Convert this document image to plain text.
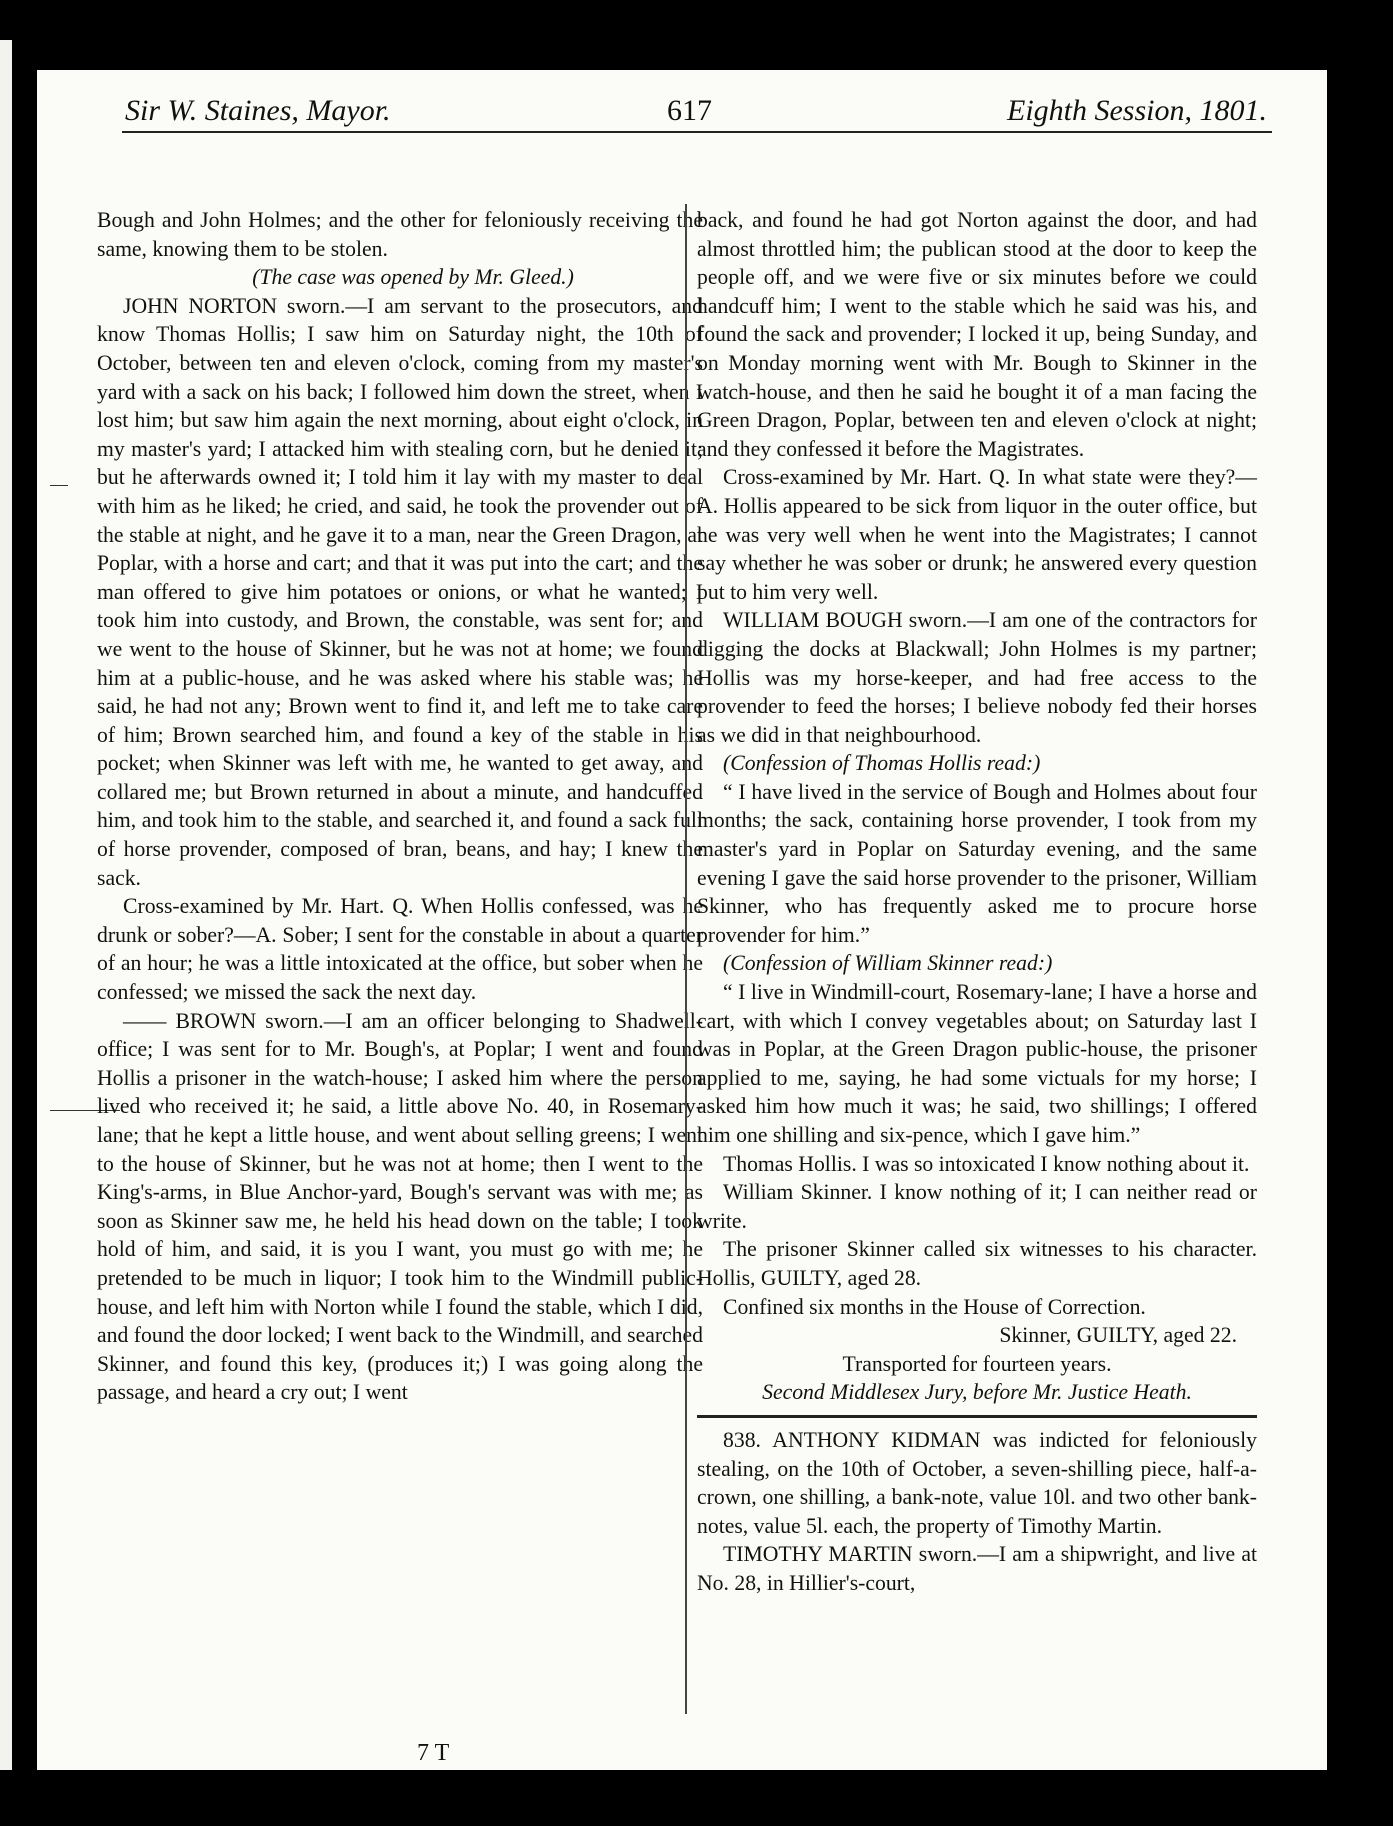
Sir W. Staines, Mayor.	617	Eighth Session, 1801.

Bough and John Holmes; and the other for feloniously receiving the same, knowing them to be stolen.

(The case was opened by Mr. Gleed.)

JOHN NORTON sworn.—I am servant to the prosecutors, and know Thomas Hollis; I saw him on Saturday night, the 10th of October, between ten and eleven o'clock, coming from my master's yard with a sack on his back; I followed him down the street, when I lost him; but saw him again the next morning, about eight o'clock, in my master's yard; I attacked him with stealing corn, but he denied it; but he afterwards owned it; I told him it lay with my master to deal with him as he liked; he cried, and said, he took the provender out of the stable at night, and he gave it to a man, near the Green Dragon, at Poplar, with a horse and cart; and that it was put into the cart; and the man offered to give him potatoes or onions, or what he wanted; I took him into custody, and Brown, the constable, was sent for; and we went to the house of Skinner, but he was not at home; we found him at a public-house, and he was asked where his stable was; he said, he had not any; Brown went to find it, and left me to take care of him; Brown searched him, and found a key of the stable in his pocket; when Skinner was left with me, he wanted to get away, and collared me; but Brown returned in about a minute, and handcuffed him, and took him to the stable, and searched it, and found a sack full of horse provender, composed of bran, beans, and hay; I knew the sack.

Cross-examined by Mr. Hart. Q. When Hollis confessed, was he drunk or sober?—A. Sober; I sent for the constable in about a quarter of an hour; he was a little intoxicated at the office, but sober when he confessed; we missed the sack the next day.

—— BROWN sworn.—I am an officer belonging to Shadwell-office; I was sent for to Mr. Bough's, at Poplar; I went and found Hollis a prisoner in the watch-house; I asked him where the person lived who received it; he said, a little above No. 40, in Rosemary-lane; that he kept a little house, and went about selling greens; I went to the house of Skinner, but he was not at home; then I went to the King's-arms, in Blue Anchor-yard, Bough's servant was with me; as soon as Skinner saw me, he held his head down on the table; I took hold of him, and said, it is you I want, you must go with me; he pretended to be much in liquor; I took him to the Windmill public-house, and left him with Norton while I found the stable, which I did, and found the door locked; I went back to the Windmill, and searched Skinner, and found this key, (produces it;) I was going along the passage, and heard a cry out; I went

back, and found he had got Norton against the door, and had almost throttled him; the publican stood at the door to keep the people off, and we were five or six minutes before we could handcuff him; I went to the stable which he said was his, and found the sack and provender; I locked it up, being Sunday, and on Monday morning went with Mr. Bough to Skinner in the watch-house, and then he said he bought it of a man facing the Green Dragon, Poplar, between ten and eleven o'clock at night; and they confessed it before the Magistrates.

Cross-examined by Mr. Hart. Q. In what state were they?—A. Hollis appeared to be sick from liquor in the outer office, but he was very well when he went into the Magistrates; I cannot say whether he was sober or drunk; he answered every question put to him very well.

WILLIAM BOUGH sworn.—I am one of the contractors for digging the docks at Blackwall; John Holmes is my partner; Hollis was my horse-keeper, and had free access to the provender to feed the horses; I believe nobody fed their horses as we did in that neighbourhood.

(Confession of Thomas Hollis read:)

“ I have lived in the service of Bough and Holmes about four months; the sack, containing horse provender, I took from my master's yard in Poplar on Saturday evening, and the same evening I gave the said horse provender to the prisoner, William Skinner, who has frequently asked me to procure horse provender for him.”

(Confession of William Skinner read:)

“ I live in Windmill-court, Rosemary-lane; I have a horse and cart, with which I convey vegetables about; on Saturday last I was in Poplar, at the Green Dragon public-house, the prisoner applied to me, saying, he had some victuals for my horse; I asked him how much it was; he said, two shillings; I offered him one shilling and six-pence, which I gave him.”

Thomas Hollis. I was so intoxicated I know nothing about it.

William Skinner. I know nothing of it; I can neither read or write.

The prisoner Skinner called six witnesses to his character. Hollis, GUILTY, aged 28.

Confined six months in the House of Correction.

Skinner, GUILTY, aged 22.

Transported for fourteen years.

Second Middlesex Jury, before Mr. Justice Heath.

838. ANTHONY KIDMAN was indicted for feloniously stealing, on the 10th of October, a seven-shilling piece, half-a-crown, one shilling, a bank-note, value 10l. and two other bank-notes, value 5l. each, the property of Timothy Martin.

TIMOTHY MARTIN sworn.—I am a shipwright, and live at No. 28, in Hillier's-court,

7 T
